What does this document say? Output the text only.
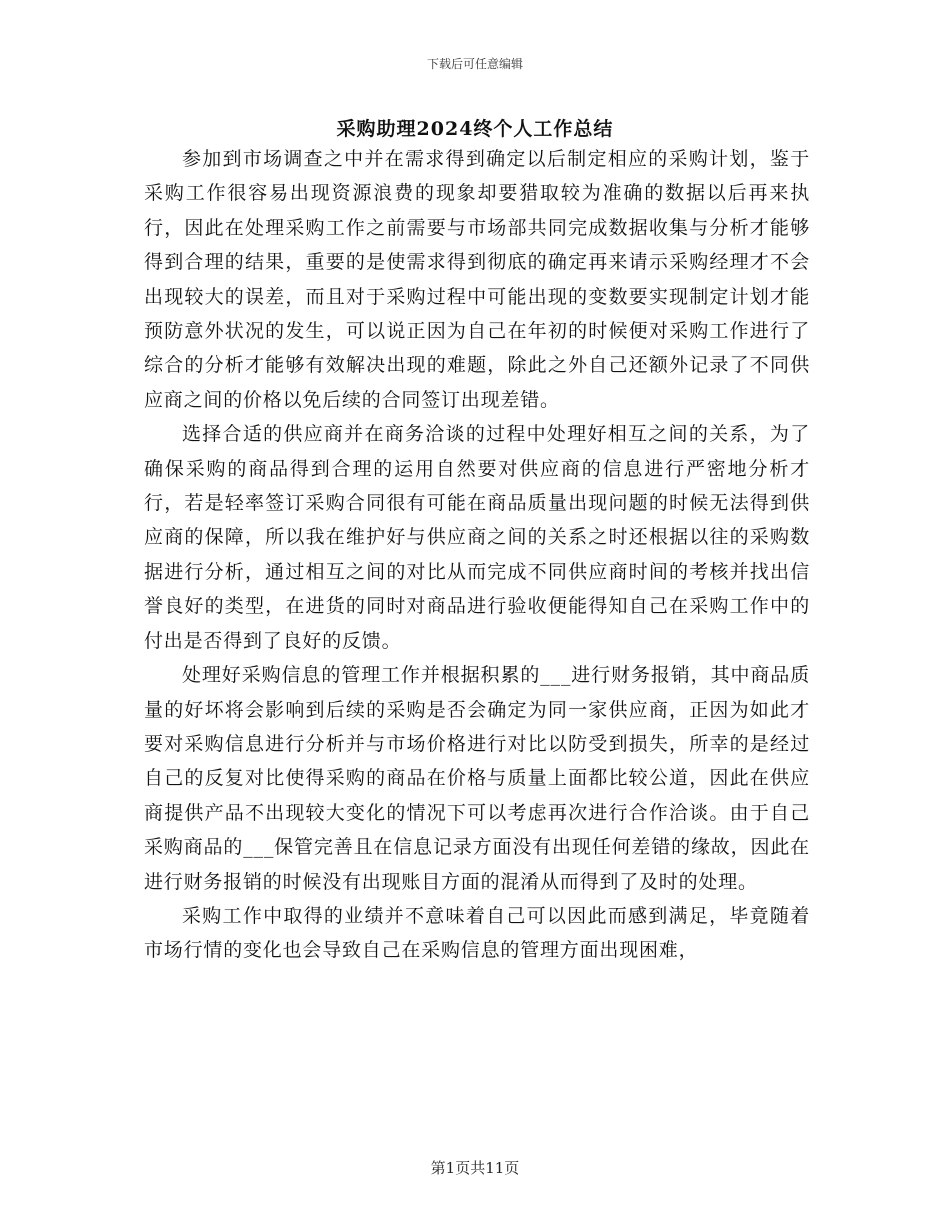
下载后可任意编辑
采购助理2024终个人工作总结

参加到市场调查之中并在需求得到确定以后制定相应的采购计划，鉴于采购工作很容易出现资源浪费的现象却要猎取较为准确的数据以后再来执行，因此在处理采购工作之前需要与市场部共同完成数据收集与分析才能够得到合理的结果，重要的是使需求得到彻底的确定再来请示采购经理才不会出现较大的误差，而且对于采购过程中可能出现的变数要实现制定计划才能预防意外状况的发生，可以说正因为自己在年初的时候便对采购工作进行了综合的分析才能够有效解决出现的难题，除此之外自己还额外记录了不同供应商之间的价格以免后续的合同签订出现差错。

选择合适的供应商并在商务洽谈的过程中处理好相互之间的关系，为了确保采购的商品得到合理的运用自然要对供应商的信息进行严密地分析才行，若是轻率签订采购合同很有可能在商品质量出现问题的时候无法得到供应商的保障，所以我在维护好与供应商之间的关系之时还根据以往的采购数据进行分析，通过相互之间的对比从而完成不同供应商时间的考核并找出信誉良好的类型，在进货的同时对商品进行验收便能得知自己在采购工作中的付出是否得到了良好的反馈。

处理好采购信息的管理工作并根据积累的___进行财务报销，其中商品质量的好坏将会影响到后续的采购是否会确定为同一家供应商，正因为如此才要对采购信息进行分析并与市场价格进行对比以防受到损失，所幸的是经过自己的反复对比使得采购的商品在价格与质量上面都比较公道，因此在供应商提供产品不出现较大变化的情况下可以考虑再次进行合作洽谈。由于自己采购商品的___保管完善且在信息记录方面没有出现任何差错的缘故，因此在进行财务报销的时候没有出现账目方面的混淆从而得到了及时的处理。

采购工作中取得的业绩并不意味着自己可以因此而感到满足，毕竟随着市场行情的变化也会导致自己在采购信息的管理方面出现困难，

第1页共11页
